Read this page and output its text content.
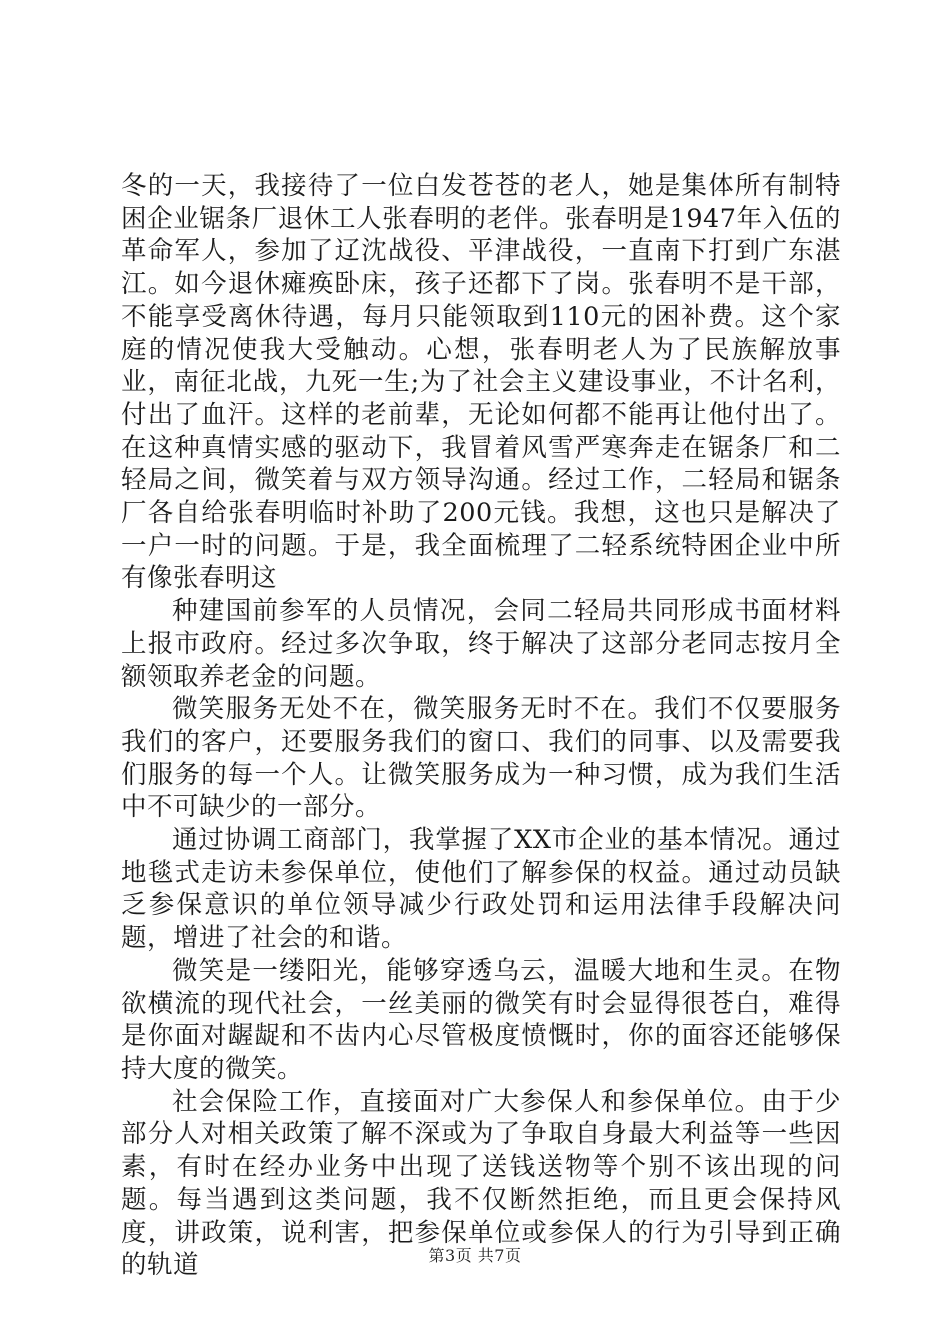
冬的一天，我接待了一位白发苍苍的老人，她是集体所有制特困企业锯条厂退休工人张春明的老伴。张春明是1947年入伍的革命军人，参加了辽沈战役、平津战役，一直南下打到广东湛江。如今退休瘫痪卧床，孩子还都下了岗。张春明不是干部，不能享受离休待遇，每月只能领取到110元的困补费。这个家庭的情况使我大受触动。心想，张春明老人为了民族解放事业，南征北战，九死一生;为了社会主义建设事业，不计名利，付出了血汗。这样的老前辈，无论如何都不能再让他付出了。在这种真情实感的驱动下，我冒着风雪严寒奔走在锯条厂和二轻局之间，微笑着与双方领导沟通。经过工作，二轻局和锯条厂各自给张春明临时补助了200元钱。我想，这也只是解决了一户一时的问题。于是，我全面梳理了二轻系统特困企业中所有像张春明这

种建国前参军的人员情况，会同二轻局共同形成书面材料上报市政府。经过多次争取，终于解决了这部分老同志按月全额领取养老金的问题。

微笑服务无处不在，微笑服务无时不在。我们不仅要服务我们的客户，还要服务我们的窗口、我们的同事、以及需要我们服务的每一个人。让微笑服务成为一种习惯，成为我们生活中不可缺少的一部分。

通过协调工商部门，我掌握了XX市企业的基本情况。通过地毯式走访未参保单位，使他们了解参保的权益。通过动员缺乏参保意识的单位领导减少行政处罚和运用法律手段解决问题，增进了社会的和谐。

微笑是一缕阳光，能够穿透乌云，温暖大地和生灵。在物欲横流的现代社会，一丝美丽的微笑有时会显得很苍白，难得是你面对龌龊和不齿内心尽管极度愤慨时，你的面容还能够保持大度的微笑。

社会保险工作，直接面对广大参保人和参保单位。由于少部分人对相关政策了解不深或为了争取自身最大利益等一些因素，有时在经办业务中出现了送钱送物等个别不该出现的问题。每当遇到这类问题，我不仅断然拒绝，而且更会保持风度，讲政策，说利害，把参保单位或参保人的行为引导到正确的轨道	第3页 共7页
